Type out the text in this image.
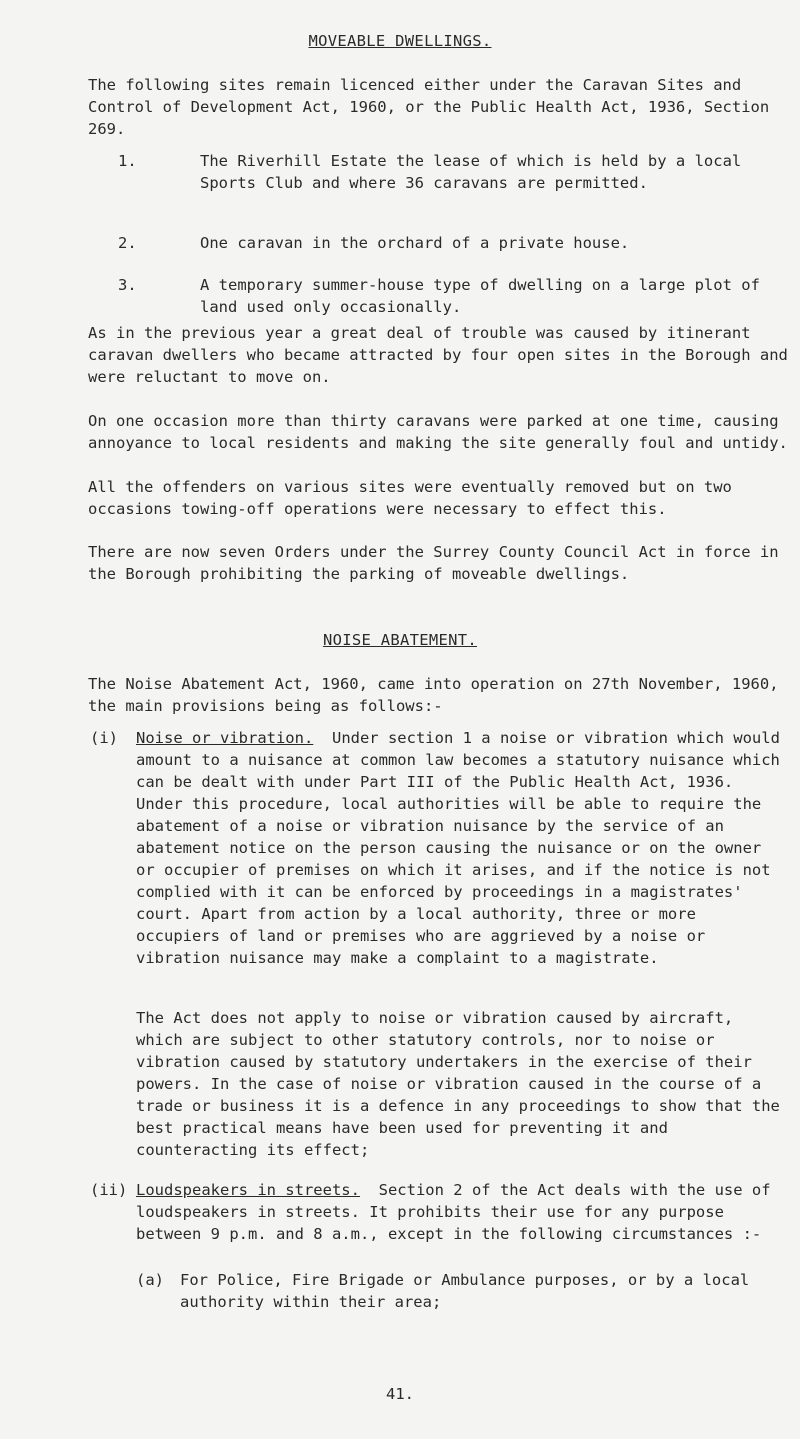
MOVEABLE DWELLINGS.
The following sites remain licenced either under the Caravan Sites and Control of Development Act, 1960, or the Public Health Act, 1936, Section 269.
1.	The Riverhill Estate the lease of which is held by a local Sports Club and where 36 caravans are permitted.
2.	One caravan in the orchard of a private house.
3.	A temporary summer-house type of dwelling on a large plot of land used only occasionally.
As in the previous year a great deal of trouble was caused by itinerant caravan dwellers who became attracted by four open sites in the Borough and were reluctant to move on.
On one occasion more than thirty caravans were parked at one time, causing annoyance to local residents and making the site generally foul and untidy.
All the offenders on various sites were eventually removed but on two occasions towing-off operations were necessary to effect this.
There are now seven Orders under the Surrey County Council Act in force in the Borough prohibiting the parking of moveable dwellings.
NOISE ABATEMENT.
The Noise Abatement Act, 1960, came into operation on 27th November, 1960, the main provisions being as follows:-
(i) Noise or vibration. Under section 1 a noise or vibration which would amount to a nuisance at common law becomes a statutory nuisance which can be dealt with under Part III of the Public Health Act, 1936. Under this procedure, local authorities will be able to require the abatement of a noise or vibration nuisance by the service of an abatement notice on the person causing the nuisance or on the owner or occupier of premises on which it arises, and if the notice is not complied with it can be enforced by proceedings in a magistrates' court. Apart from action by a local authority, three or more occupiers of land or premises who are aggrieved by a noise or vibration nuisance may make a complaint to a magistrate.
The Act does not apply to noise or vibration caused by aircraft, which are subject to other statutory controls, nor to noise or vibration caused by statutory undertakers in the exercise of their powers. In the case of noise or vibration caused in the course of a trade or business it is a defence in any proceedings to show that the best practical means have been used for preventing it and counteracting its effect;
(ii) Loudspeakers in streets. Section 2 of the Act deals with the use of loudspeakers in streets. It prohibits their use for any purpose between 9 p.m. and 8 a.m., except in the following circumstances :-
(a)	For Police, Fire Brigade or Ambulance purposes, or by a local authority within their area;
41.
